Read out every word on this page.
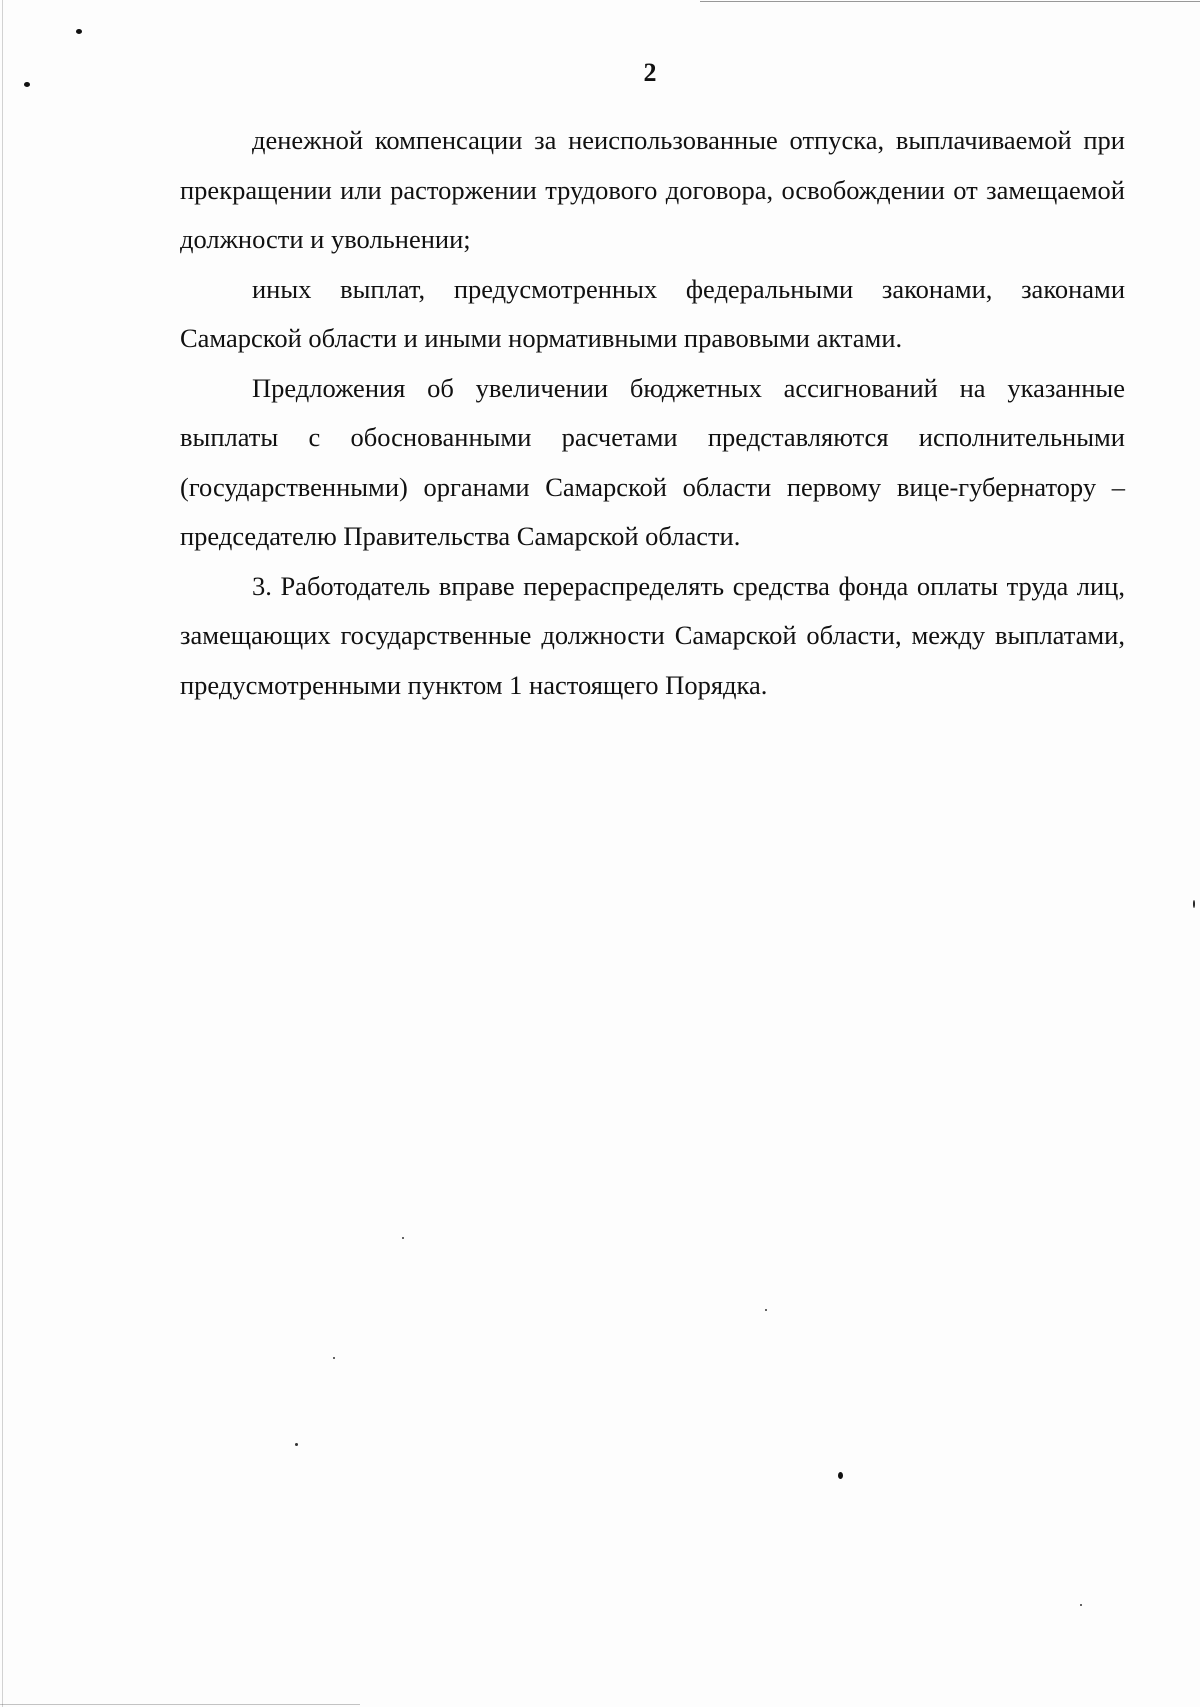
2

денежной компенсации за неиспользованные отпуска, выплачиваемой при прекращении или расторжении трудового договора, освобождении от замещаемой должности и увольнении;

иных выплат, предусмотренных федеральными законами, законами Самарской области и иными нормативными правовыми актами.

Предложения об увеличении бюджетных ассигнований на указанные выплаты с обоснованными расчетами представляются исполнительными (государственными) органами Самарской области первому вице-губернатору – председателю Правительства Самарской области.

3. Работодатель вправе перераспределять средства фонда оплаты труда лиц, замещающих государственные должности Самарской области, между выплатами, предусмотренными пунктом 1 настоящего Порядка.
